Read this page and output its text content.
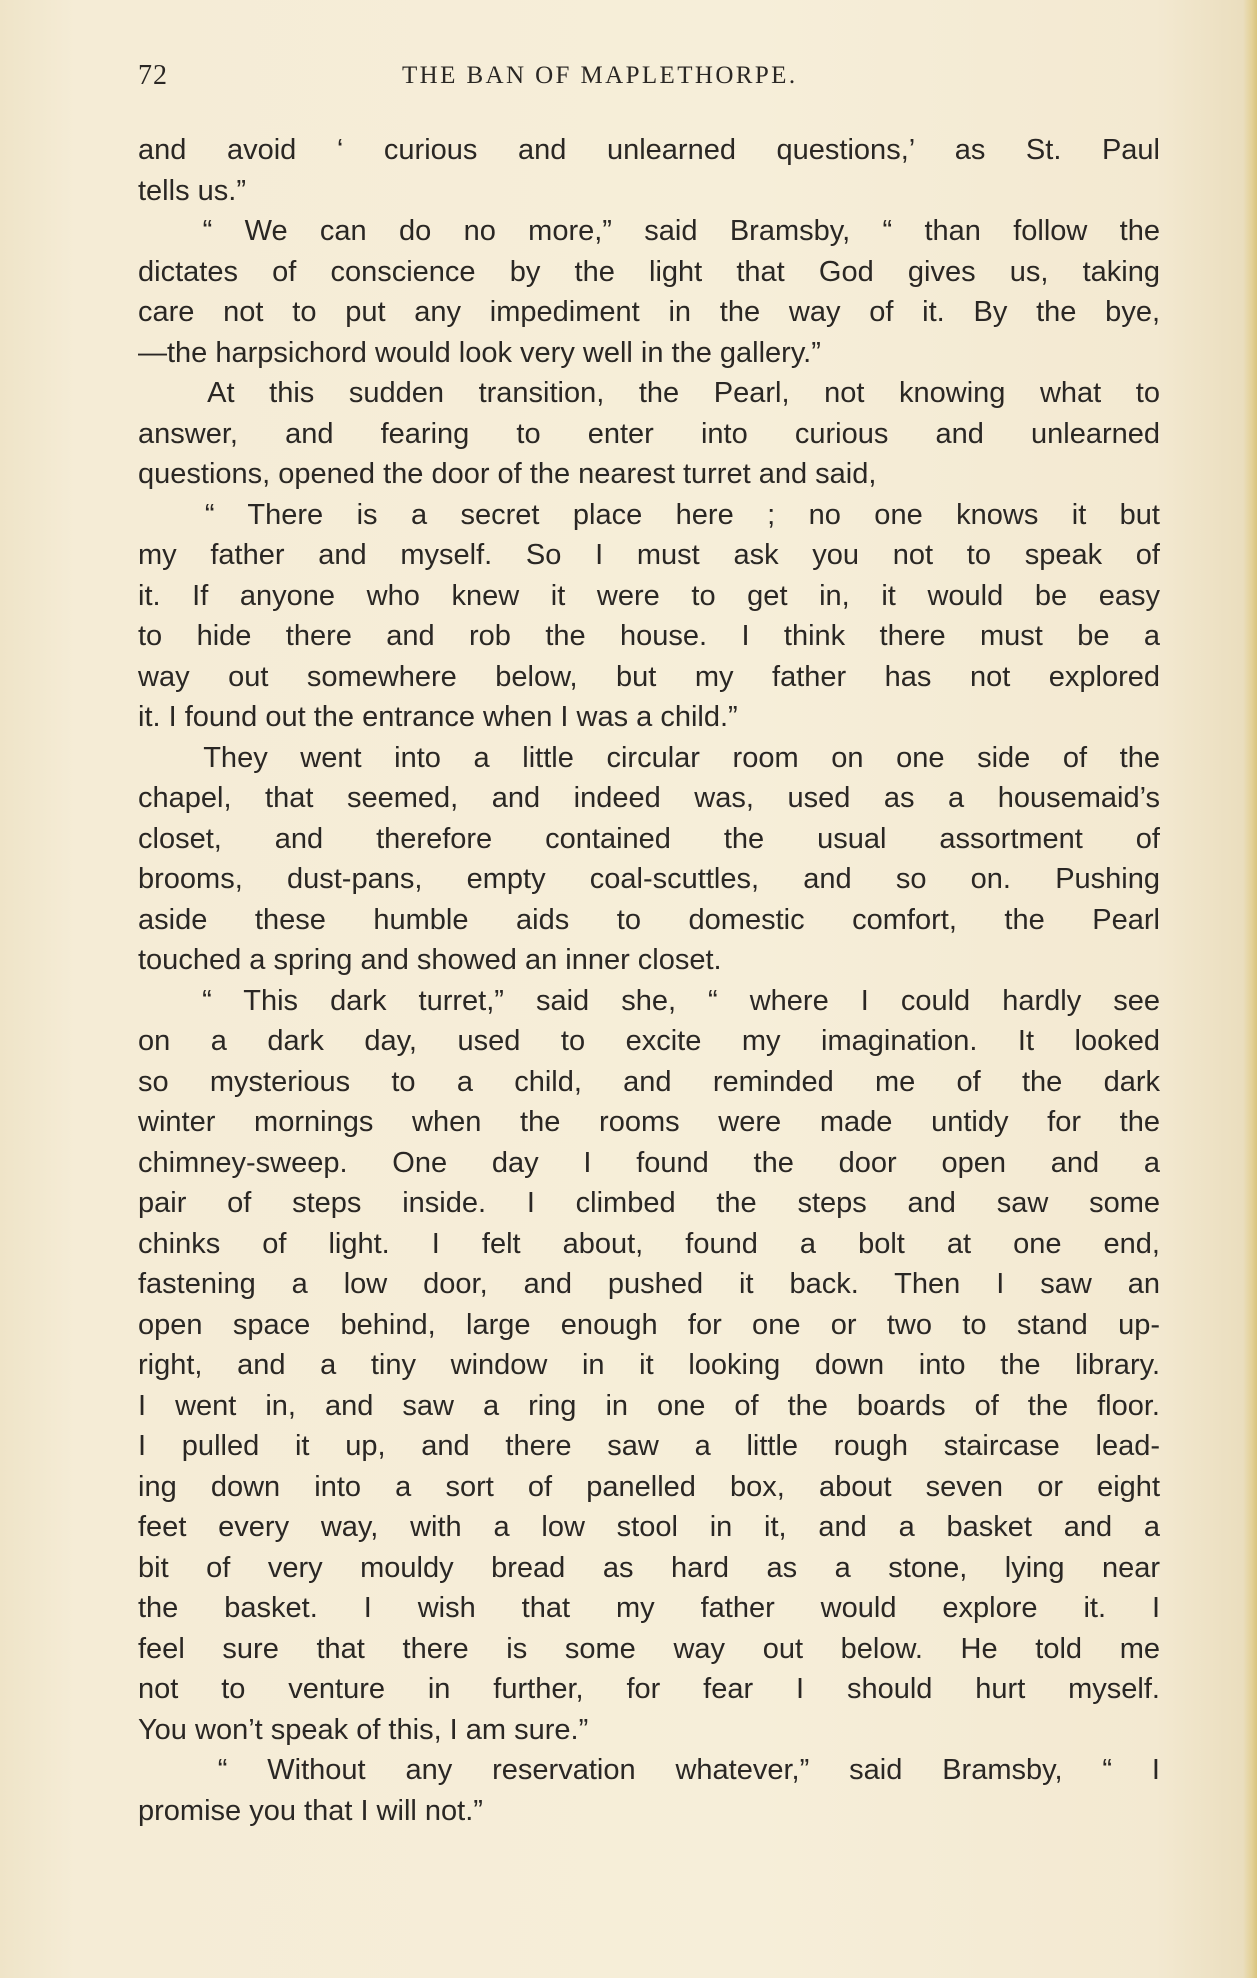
72	THE BAN OF MAPLETHORPE.
and avoid ‘ curious and unlearned questions,’ as St. Paul
tells us.”
“ We can do no more,” said Bramsby, “ than follow the
dictates of conscience by the light that God gives us, taking
care not to put any impediment in the way of it. By the bye,
—the harpsichord would look very well in the gallery.”
At this sudden transition, the Pearl, not knowing what to
answer, and fearing to enter into curious and unlearned
questions, opened the door of the nearest turret and said,
“ There is a secret place here ; no one knows it but
my father and myself. So I must ask you not to speak of
it. If anyone who knew it were to get in, it would be easy
to hide there and rob the house. I think there must be a
way out somewhere below, but my father has not explored
it. I found out the entrance when I was a child.”
They went into a little circular room on one side of the
chapel, that seemed, and indeed was, used as a housemaid’s
closet, and therefore contained the usual assortment of
brooms, dust-pans, empty coal-scuttles, and so on. Pushing
aside these humble aids to domestic comfort, the Pearl
touched a spring and showed an inner closet.
“ This dark turret,” said she, “ where I could hardly see
on a dark day, used to excite my imagination. It looked
so mysterious to a child, and reminded me of the dark
winter mornings when the rooms were made untidy for the
chimney-sweep. One day I found the door open and a
pair of steps inside. I climbed the steps and saw some
chinks of light. I felt about, found a bolt at one end,
fastening a low door, and pushed it back. Then I saw an
open space behind, large enough for one or two to stand up-
right, and a tiny window in it looking down into the library.
I went in, and saw a ring in one of the boards of the floor.
I pulled it up, and there saw a little rough staircase lead-
ing down into a sort of panelled box, about seven or eight
feet every way, with a low stool in it, and a basket and a
bit of very mouldy bread as hard as a stone, lying near
the basket. I wish that my father would explore it. I
feel sure that there is some way out below. He told me
not to venture in further, for fear I should hurt myself.
You won’t speak of this, I am sure.”
“ Without any reservation whatever,” said Bramsby, “ I
promise you that I will not.”
